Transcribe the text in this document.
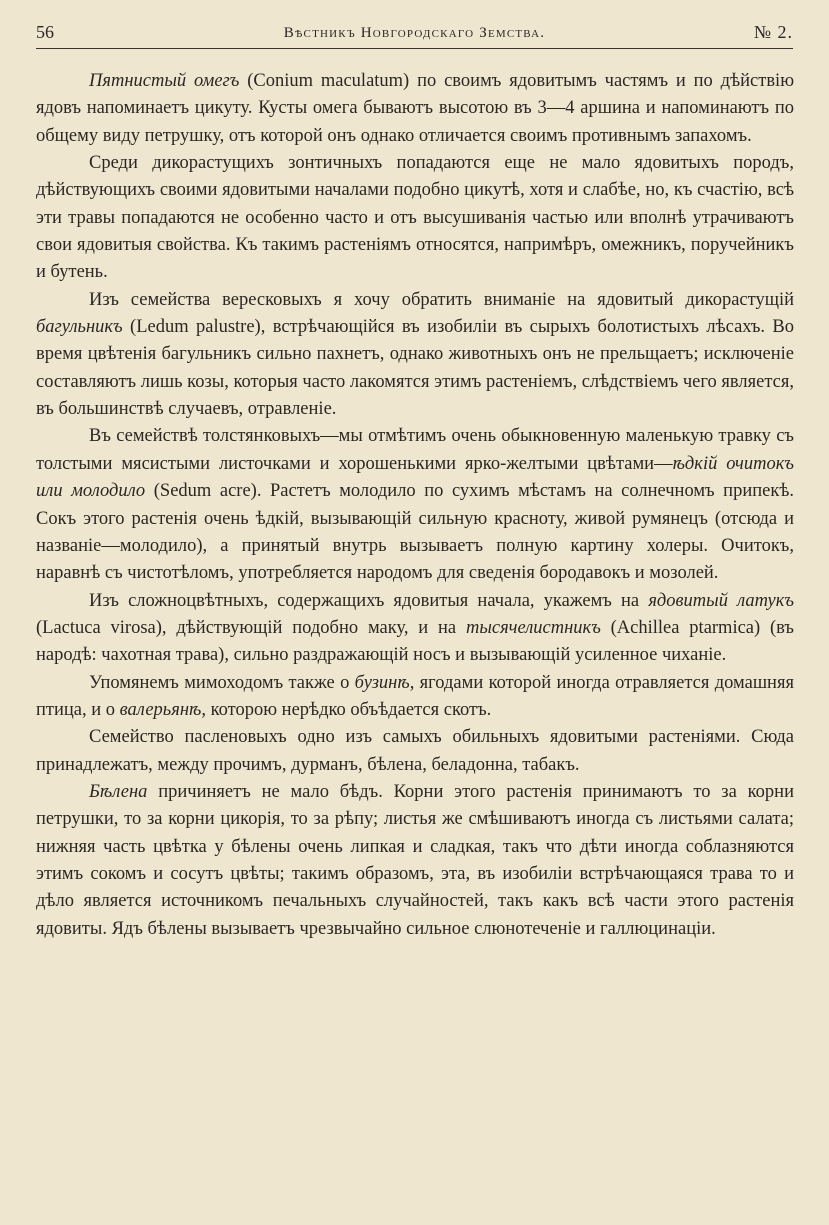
56	Вѣстникъ Новгородскаго Земства.	№ 2.

Пятнистый омегъ (Conium maculatum) по своимъ ядовитымъ частямъ и по дѣйствію ядовъ напоминаетъ цикуту. Кусты омега бываютъ высотою въ 3—4 аршина и напоминаютъ по общему виду петрушку, отъ которой онъ однако отличается своимъ противнымъ запахомъ.

Среди дикорастущихъ зонтичныхъ попадаются еще не мало ядовитыхъ породъ, дѣйствующихъ своими ядовитыми началами подобно цикутѣ, хотя и слабѣе, но, къ счастію, всѣ эти травы попадаются не особенно часто и отъ высушиванія частью или вполнѣ утрачиваютъ свои ядовитыя свойства. Къ такимъ растеніямъ относятся, напримѣръ, омежникъ, поручейникъ и бутень.

Изъ семейства вересковыхъ я хочу обратить вниманіе на ядовитый дикорастущій багульникъ (Ledum palustre), встрѣчающійся въ изобиліи въ сырыхъ болотистыхъ лѣсахъ. Во время цвѣтенія багульникъ сильно пахнетъ, однако животныхъ онъ не прельщаетъ; исключеніе составляютъ лишь козы, которыя часто лакомятся этимъ растеніемъ, слѣдствіемъ чего является, въ большинствѣ случаевъ, отравленіе.

Въ семействѣ толстянковыхъ—мы отмѣтимъ очень обыкновенную маленькую травку съ толстыми мясистыми листочками и хорошенькими ярко-желтыми цвѣтами—ѣдкій очитокъ или молодило (Sedum acre). Растетъ молодило по сухимъ мѣстамъ на солнечномъ припекѣ. Сокъ этого растенія очень ѣдкій, вызывающій сильную красноту, живой румянецъ (отсюда и названіе—молодило), а принятый внутрь вызываетъ полную картину холеры. Очитокъ, наравнѣ съ чистотѣломъ, употребляется народомъ для сведенія бородавокъ и мозолей.

Изъ сложноцвѣтныхъ, содержащихъ ядовитыя начала, укажемъ на ядовитый латукъ (Lactuca virosa), дѣйствующій подобно маку, и на тысячелистникъ (Achillea ptarmica) (въ народѣ: чахотная трава), сильно раздражающій носъ и вызывающій усиленное чиханіе.

Упомянемъ мимоходомъ также о бузинѣ, ягодами которой иногда отравляется домашняя птица, и о валерьянѣ, которою нерѣдко объѣдается скотъ.

Семейство пасленовыхъ одно изъ самыхъ обильныхъ ядовитыми растеніями. Сюда принадлежатъ, между прочимъ, дурманъ, бѣлена, беладонна, табакъ.

Бѣлена причиняетъ не мало бѣдъ. Корни этого растенія принимаютъ то за корни петрушки, то за корни цикорія, то за рѣпу; листья же смѣшиваютъ иногда съ листьями салата; нижняя часть цвѣтка у бѣлены очень липкая и сладкая, такъ что дѣти иногда соблазняются этимъ сокомъ и сосутъ цвѣты; такимъ образомъ, эта, въ изобиліи встрѣчающаяся трава то и дѣло является источникомъ печальныхъ случайностей, такъ какъ всѣ части этого растенія ядовиты. Ядъ бѣлены вызываетъ чрезвычайно сильное слюнотеченіе и галлюцинаціи.
